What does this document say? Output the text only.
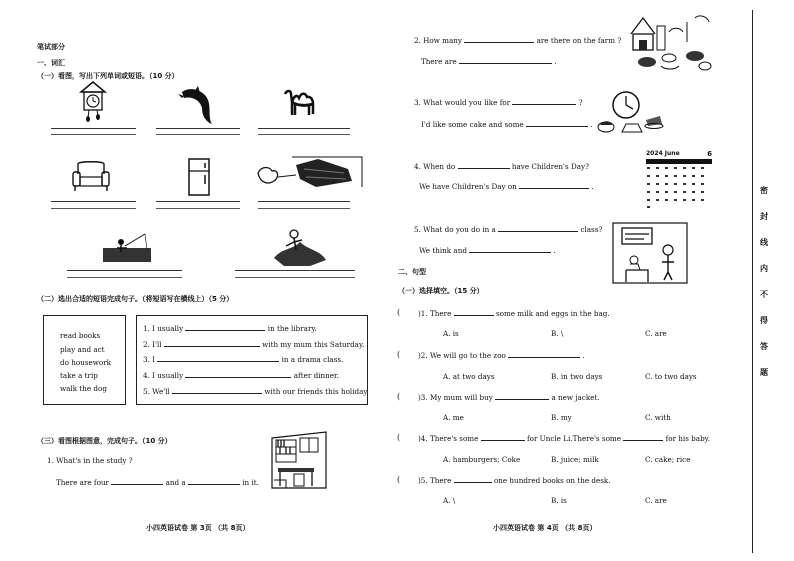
笔试部分
一、词汇
（一）看图，写出下列单词或短语。（10 分）
（二）选出合适的短语完成句子。（将短语写在横线上）（5 分）
read books
play and act
do housework
take a trip
walk the dog
1. I usually	in the library.
2. I'll	with my mum this Saturday.
3. I	in a drama class.
4. I usually	after dinner.
5. We'll	with our friends this holiday.
（三）看图根据图意，完成句子。（10 分）
1. What's in the study ?
There are four	and a	in it.
小四英语试卷 第 3页 （共 8页）
2. How many	are there on the farm ?
There are	.
3. What would you like for	?
I'd like some cake and some	.
4. When do	have Children's Day?
We have Children's Day on	.
2024 June	6
5. What do you do in a	class?
We think and	.
二、句型
（一）选择填空。（15 分）
( )1. There	some milk and eggs in the bag.
A. is	B. \	C. are
( )2. We will go to the zoo	.
A. at two days	B. in two days	C. to two days
( )3. My mum will buy	a new jacket.
A. me	B. my	C. with
( )4. There's some	for Uncle Li.There's some	for his baby.
A. hamburgers; Coke	B. juice; milk	C. cake; rice
( )5. There	one hundred books on the desk.
A. \	B. is	C. are
小四英语试卷 第 4页 （共 8页）
密
封
线
内
不
得
答
题
